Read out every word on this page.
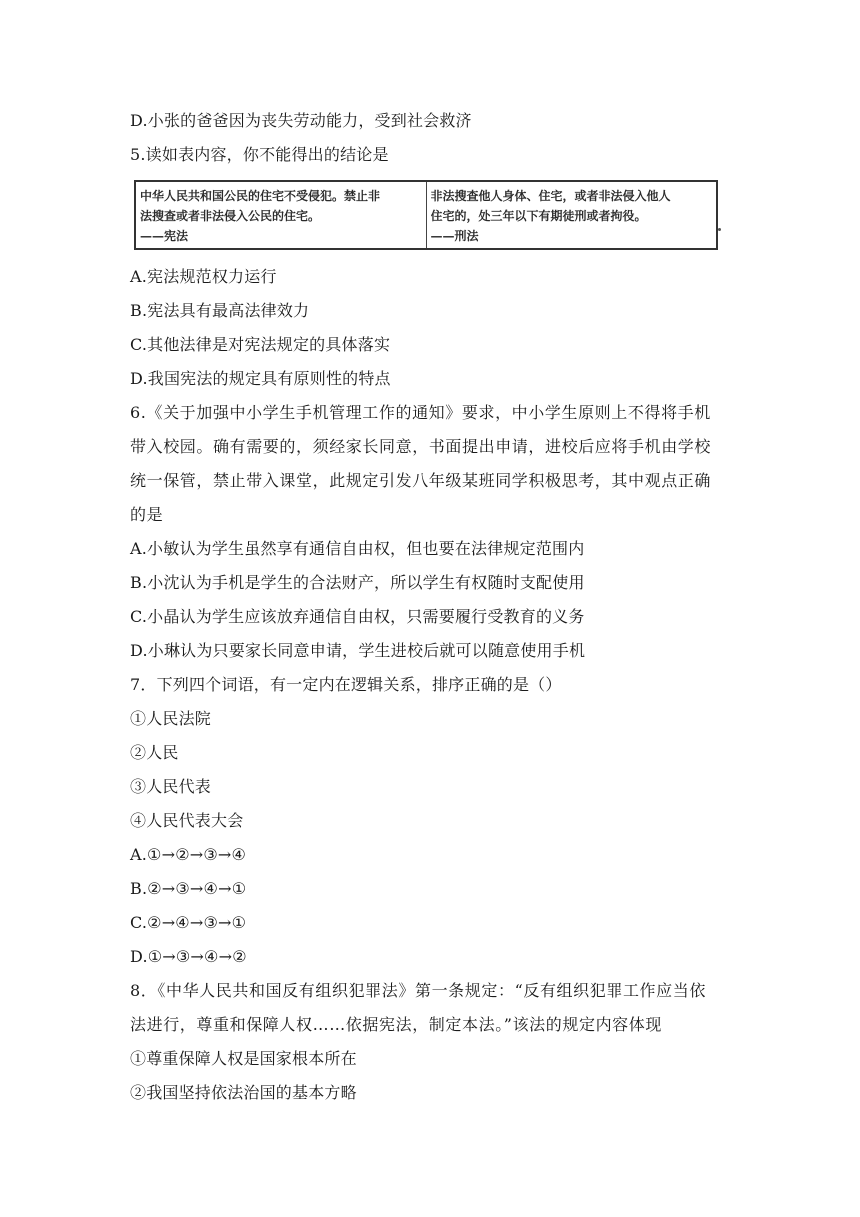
D.小张的爸爸因为丧失劳动能力，受到社会救济
5.读如表内容，你不能得出的结论是
中华人民共和国公民的住宅不受侵犯。禁止非
法搜查或者非法侵入公民的住宅。
——宪法
非法搜查他人身体、住宅，或者非法侵入他人
住宅的，处三年以下有期徒刑或者拘役。
——刑法
A.宪法规范权力运行
B.宪法具有最高法律效力
C.其他法律是对宪法规定的具体落实
D.我国宪法的规定具有原则性的特点
6.《关于加强中小学生手机管理工作的通知》要求，中小学生原则上不得将手机
带入校园。确有需要的，须经家长同意，书面提出申请，进校后应将手机由学校
统一保管，禁止带入课堂，此规定引发八年级某班同学积极思考，其中观点正确
的是
A.小敏认为学生虽然享有通信自由权，但也要在法律规定范围内
B.小沈认为手机是学生的合法财产，所以学生有权随时支配使用
C.小晶认为学生应该放弃通信自由权，只需要履行受教育的义务
D.小琳认为只要家长同意申请，学生进校后就可以随意使用手机
7．下列四个词语，有一定内在逻辑关系，排序正确的是（）
①人民法院
②人民
③人民代表
④人民代表大会
A.①→②→③→④
B.②→③→④→①
C.②→④→③→①
D.①→③→④→②
8．《中华人民共和国反有组织犯罪法》第一条规定：“反有组织犯罪工作应当依
法进行，尊重和保障人权……依据宪法，制定本法。”该法的规定内容体现
①尊重保障人权是国家根本所在
②我国坚持依法治国的基本方略
